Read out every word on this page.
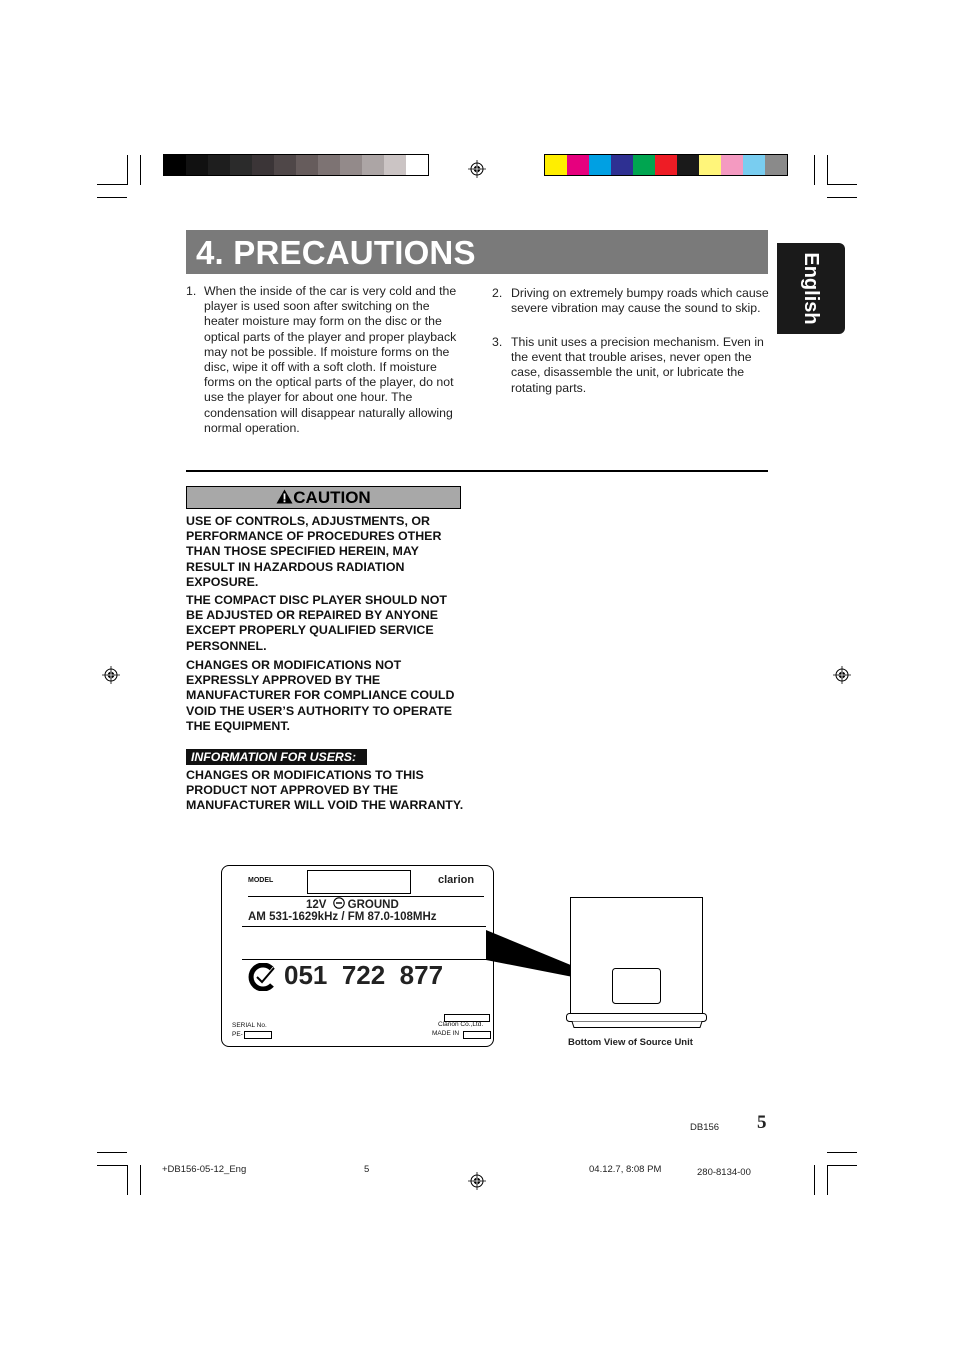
4. PRECAUTIONS	English
1. When the inside of the car is very cold and the player is used soon after switching on the heater moisture may form on the disc or the optical parts of the player and proper playback may not be possible. If moisture forms on the disc, wipe it off with a soft cloth. If moisture forms on the optical parts of the player, do not use the player for about one hour. The condensation will disappear naturally allowing normal operation.
2. Driving on extremely bumpy roads which cause severe vibration may cause the sound to skip.
3. This unit uses a precision mechanism. Even in the event that trouble arises, never open the case, disassemble the unit, or lubricate the rotating parts.
CAUTION
USE OF CONTROLS, ADJUSTMENTS, OR PERFORMANCE OF PROCEDURES OTHER THAN THOSE SPECIFIED HEREIN, MAY RESULT IN HAZARDOUS RADIATION EXPOSURE.
THE COMPACT DISC PLAYER SHOULD NOT BE ADJUSTED OR REPAIRED BY ANYONE EXCEPT PROPERLY QUALIFIED SERVICE PERSONNEL.
CHANGES OR MODIFICATIONS NOT EXPRESSLY APPROVED BY THE MANUFACTURER FOR COMPLIANCE COULD VOID THE USER’S AUTHORITY TO OPERATE THE EQUIPMENT.
INFORMATION FOR USERS:
CHANGES OR MODIFICATIONS TO THIS PRODUCT NOT APPROVED BY THE MANUFACTURER WILL VOID THE WARRANTY.
MODEL	clarion
12V GROUND
AM 531-1629kHz / FM 87.0-108MHz
051  722  877
Clarion Co.,Ltd.
SERIAL No.
PE-	MADE IN
Bottom View of Source Unit
DB156 5
+DB156-05-12_Eng	5	04.12.7, 8:08 PM	280-8134-00
